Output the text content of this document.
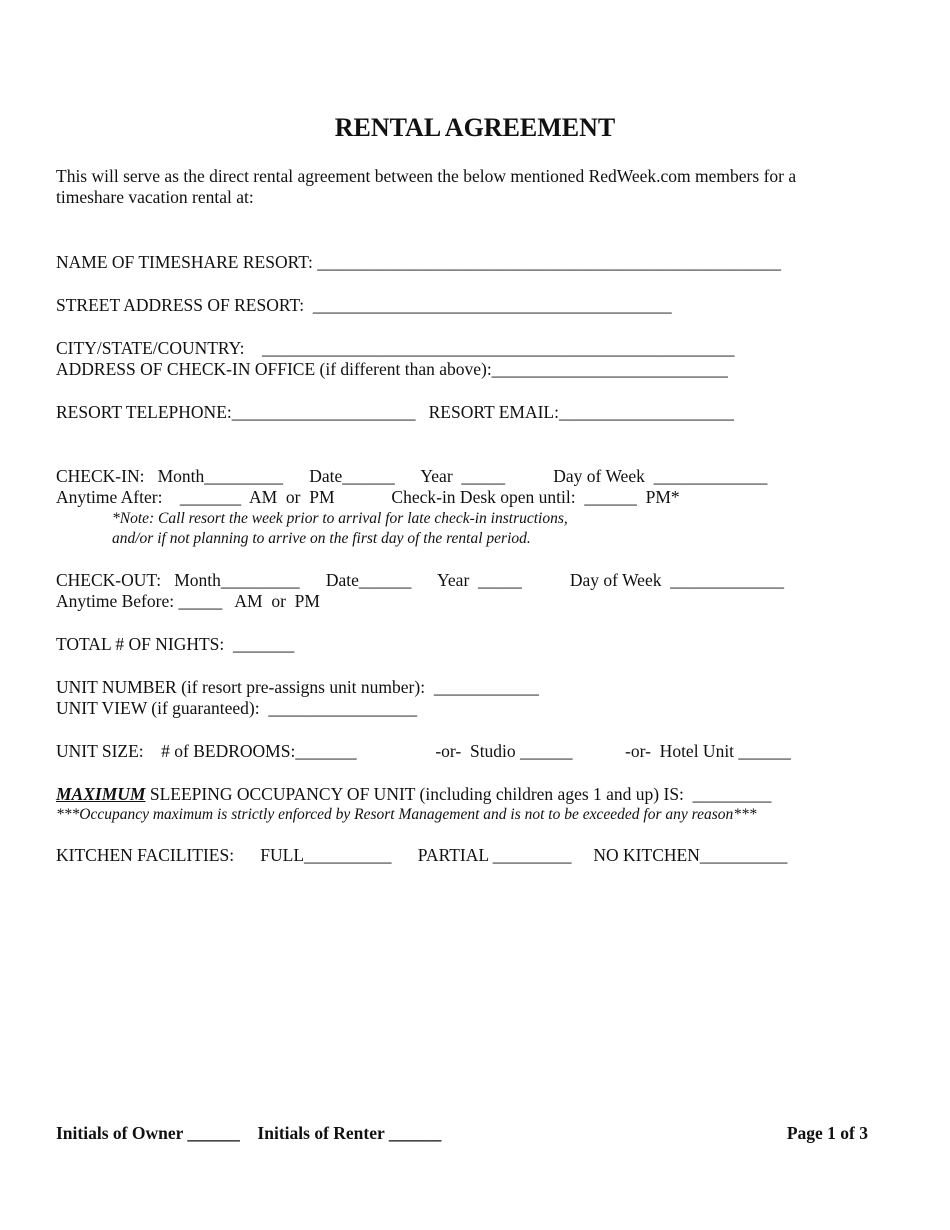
RENTAL AGREEMENT
This will serve as the direct rental agreement between the below mentioned RedWeek.com members for a
timeshare vacation rental at:
NAME OF TIMESHARE RESORT: _____________________________________________________
STREET ADDRESS OF RESORT:  _________________________________________
CITY/STATE/COUNTRY:    ______________________________________________________
ADDRESS OF CHECK-IN OFFICE (if different than above):___________________________
RESORT TELEPHONE:_____________________   RESORT EMAIL:____________________
CHECK-IN:   Month_________      Date______      Year  _____           Day of Week  _____________
Anytime After:    _______  AM  or  PM             Check-in Desk open until:  ______  PM*
*Note: Call resort the week prior to arrival for late check-in instructions,
and/or if not planning to arrive on the first day of the rental period.
CHECK-OUT:   Month_________      Date______      Year  _____           Day of Week  _____________
Anytime Before: _____   AM  or  PM
TOTAL # OF NIGHTS:  _______
UNIT NUMBER (if resort pre-assigns unit number):  ____________
UNIT VIEW (if guaranteed):  _________________
UNIT SIZE:    # of BEDROOMS:_______                  -or-  Studio ______            -or-  Hotel Unit ______
MAXIMUM SLEEPING OCCUPANCY OF UNIT (including children ages 1 and up) IS:  _________
***Occupancy maximum is strictly enforced by Resort Management and is not to be exceeded for any reason***
KITCHEN FACILITIES:      FULL__________      PARTIAL _________     NO KITCHEN__________
Initials of Owner ______    Initials of Renter ______	Page 1 of 3
